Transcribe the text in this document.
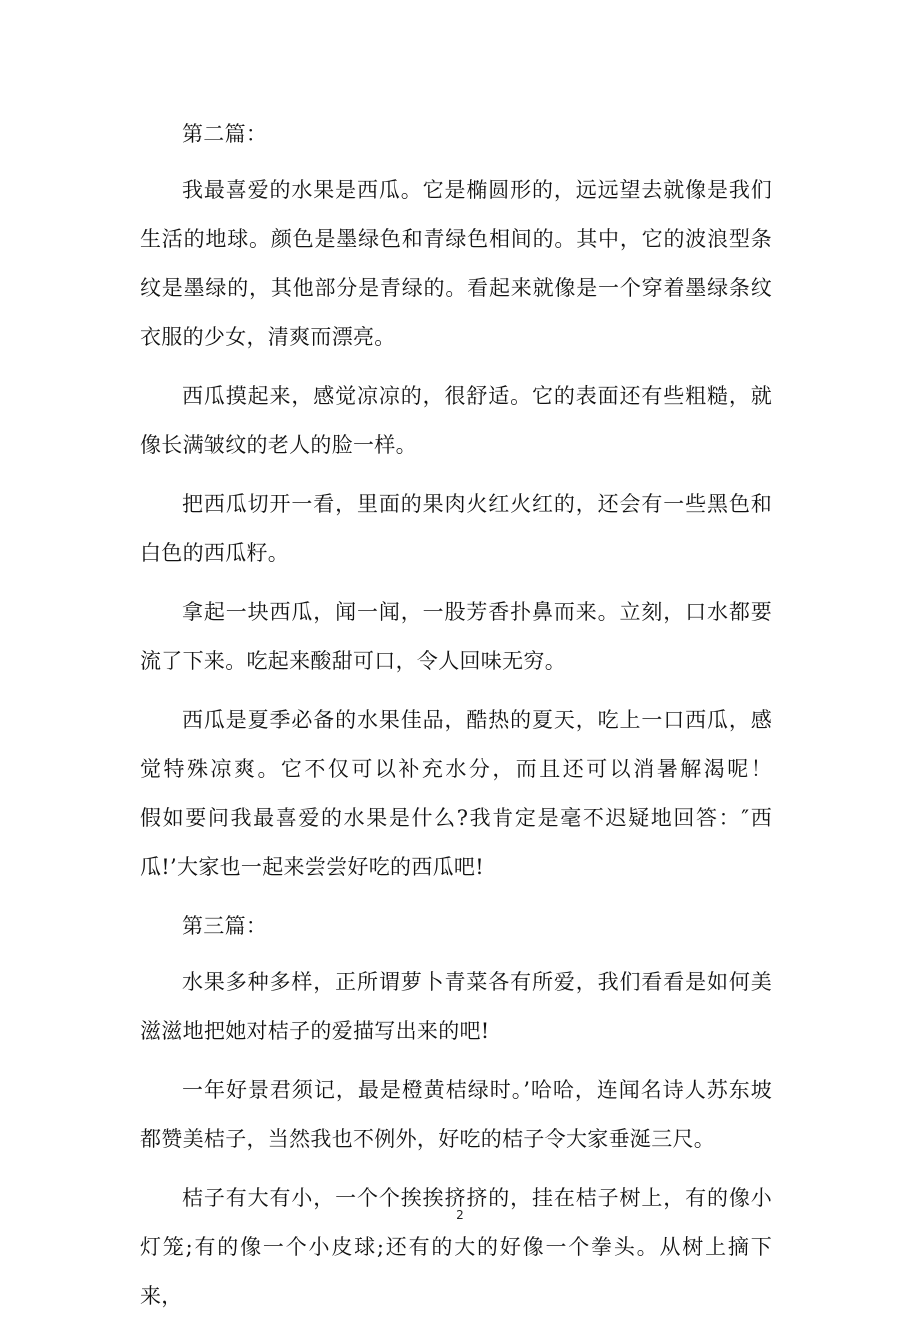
第二篇：

我最喜爱的水果是西瓜。它是椭圆形的，远远望去就像是我们生活的地球。颜色是墨绿色和青绿色相间的。其中，它的波浪型条纹是墨绿的，其他部分是青绿的。看起来就像是一个穿着墨绿条纹衣服的少女，清爽而漂亮。

西瓜摸起来，感觉凉凉的，很舒适。它的表面还有些粗糙，就像长满皱纹的老人的脸一样。

把西瓜切开一看，里面的果肉火红火红的，还会有一些黑色和白色的西瓜籽。

拿起一块西瓜，闻一闻，一股芳香扑鼻而来。立刻，口水都要流了下来。吃起来酸甜可口，令人回味无穷。

西瓜是夏季必备的水果佳品，酷热的夏天，吃上一口西瓜，感觉特殊凉爽。它不仅可以补充水分，而且还可以消暑解渴呢！　　假如要问我最喜爱的水果是什么?我肯定是毫不迟疑地回答：″西瓜!’大家也一起来尝尝好吃的西瓜吧!

第三篇：

水果多种多样，正所谓萝卜青菜各有所爱，我们看看是如何美滋滋地把她对桔子的爱描写出来的吧!

一年好景君须记，最是橙黄桔绿时。’哈哈，连闻名诗人苏东坡都赞美桔子，当然我也不例外，好吃的桔子令大家垂涎三尺。

桔子有大有小，一个个挨挨挤挤的，挂在桔子树上，有的像小灯笼;有的像一个小皮球;还有的大的好像一个拳头。从树上摘下来，

2
